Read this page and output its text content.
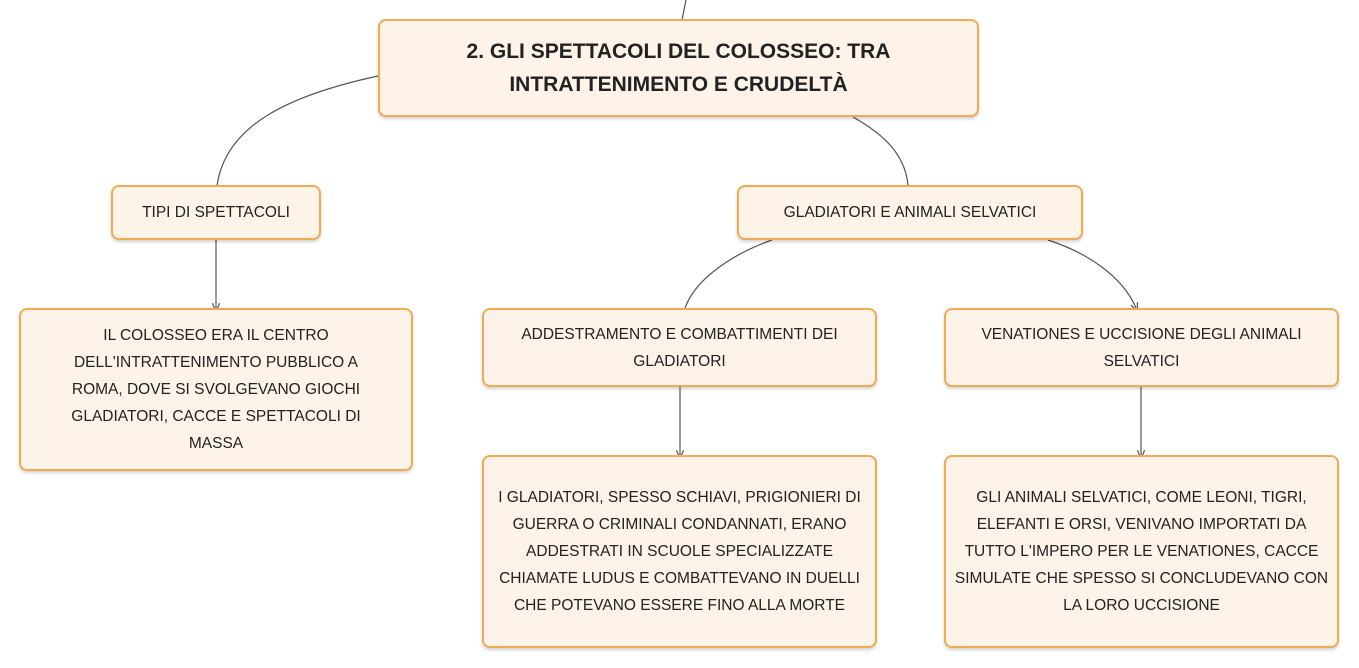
2. GLI SPETTACOLI DEL COLOSSEO: TRA INTRATTENIMENTO E CRUDELTÀ
TIPI DI SPETTACOLI	GLADIATORI E ANIMALI SELVATICI
IL COLOSSEO ERA IL CENTRO DELL'INTRATTENIMENTO PUBBLICO A ROMA, DOVE SI SVOLGEVANO GIOCHI GLADIATORI, CACCE E SPETTACOLI DI MASSA
ADDESTRAMENTO E COMBATTIMENTI DEI GLADIATORI
VENATIONES E UCCISIONE DEGLI ANIMALI SELVATICI
I GLADIATORI, SPESSO SCHIAVI, PRIGIONIERI DI GUERRA O CRIMINALI CONDANNATI, ERANO ADDESTRATI IN SCUOLE SPECIALIZZATE CHIAMATE LUDUS E COMBATTEVANO IN DUELLI CHE POTEVANO ESSERE FINO ALLA MORTE
GLI ANIMALI SELVATICI, COME LEONI, TIGRI, ELEFANTI E ORSI, VENIVANO IMPORTATI DA TUTTO L'IMPERO PER LE VENATIONES, CACCE SIMULATE CHE SPESSO SI CONCLUDEVANO CON LA LORO UCCISIONE
